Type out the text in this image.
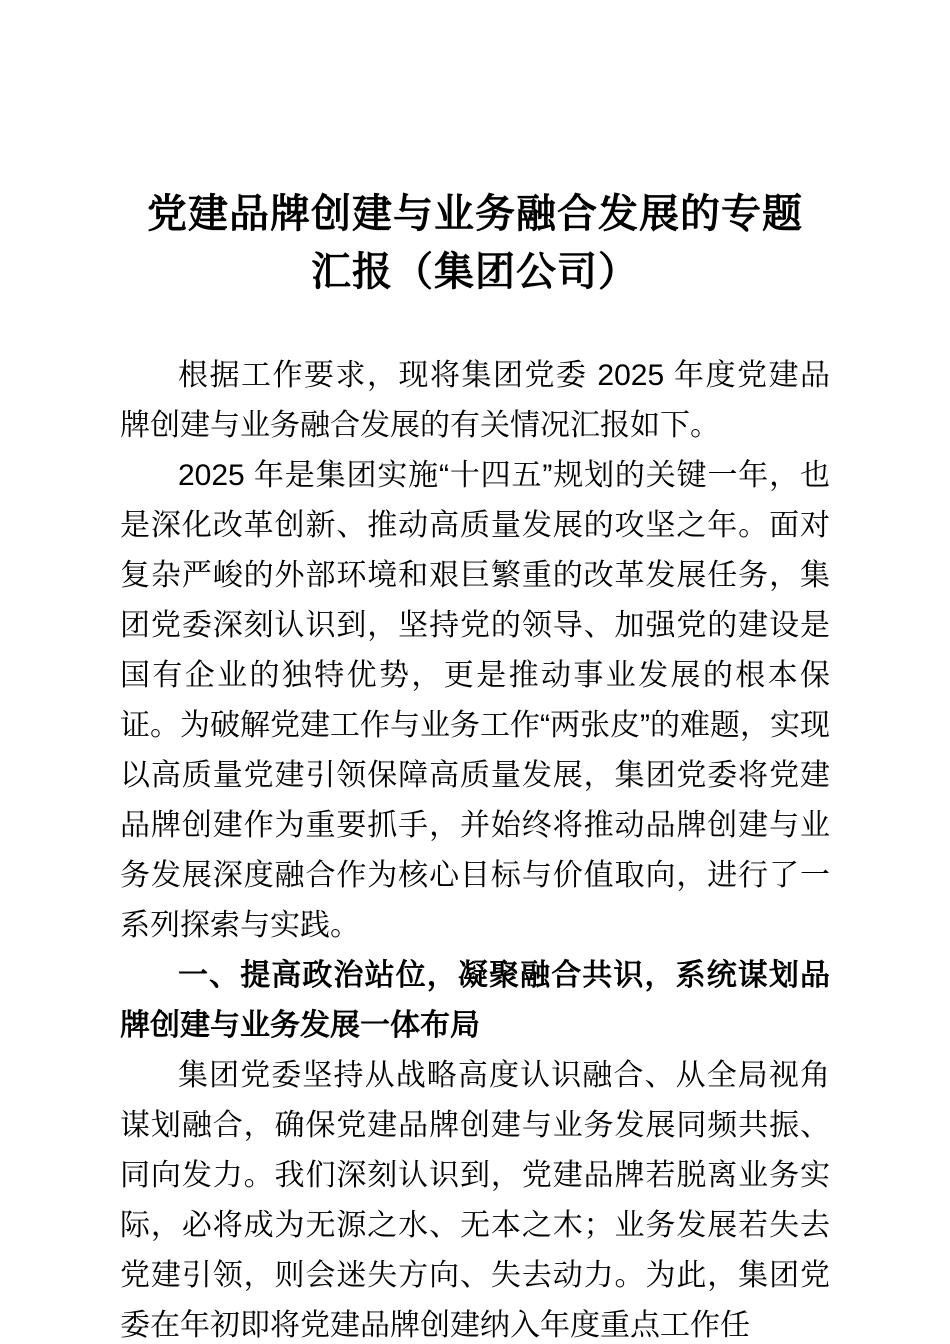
党建品牌创建与业务融合发展的专题
汇报（集团公司）

根据工作要求，现将集团党委 2025 年度党建品牌创建与业务融合发展的有关情况汇报如下。

2025 年是集团实施“十四五”规划的关键一年，也是深化改革创新、推动高质量发展的攻坚之年。面对复杂严峻的外部环境和艰巨繁重的改革发展任务，集团党委深刻认识到，坚持党的领导、加强党的建设是国有企业的独特优势，更是推动事业发展的根本保证。为破解党建工作与业务工作“两张皮”的难题，实现以高质量党建引领保障高质量发展，集团党委将党建品牌创建作为重要抓手，并始终将推动品牌创建与业务发展深度融合作为核心目标与价值取向，进行了一系列探索与实践。

一、提高政治站位，凝聚融合共识，系统谋划品牌创建与业务发展一体布局

集团党委坚持从战略高度认识融合、从全局视角谋划融合，确保党建品牌创建与业务发展同频共振、同向发力。我们深刻认识到，党建品牌若脱离业务实际，必将成为无源之水、无本之木；业务发展若失去党建引领，则会迷失方向、失去动力。为此，集团党委在年初即将党建品牌创建纳入年度重点工作任
